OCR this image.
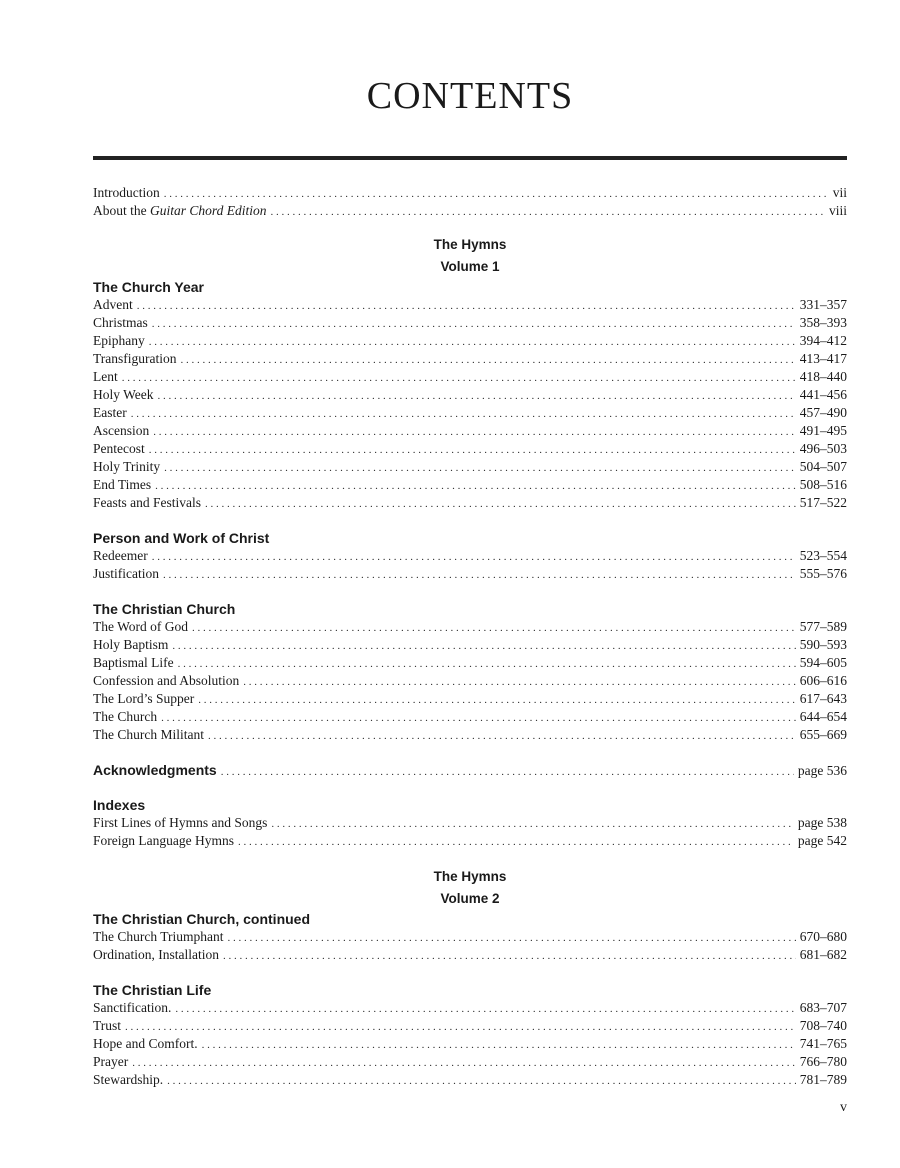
CONTENTS
Introduction . . .	vii
About the Guitar Chord Edition . . .	viii
The Hymns
Volume 1
The Church Year
Advent . . .	331–357
Christmas . . .	358–393
Epiphany . . .	394–412
Transfiguration . . .	413–417
Lent . . .	418–440
Holy Week . . .	441–456
Easter . . .	457–490
Ascension . . .	491–495
Pentecost . . .	496–503
Holy Trinity . . .	504–507
End Times . . .	508–516
Feasts and Festivals . . .	517–522
Person and Work of Christ
Redeemer . . .	523–554
Justification . . .	555–576
The Christian Church
The Word of God . . .	577–589
Holy Baptism . . .	590–593
Baptismal Life . . .	594–605
Confession and Absolution . . .	606–616
The Lord’s Supper . . .	617–643
The Church . . .	644–654
The Church Militant . . .	655–669
Acknowledgments . . .	page 536
Indexes
First Lines of Hymns and Songs . . .	page 538
Foreign Language Hymns . . .	page 542
The Hymns
Volume 2
The Christian Church, continued
The Church Triumphant . . .	670–680
Ordination, Installation . . .	681–682
The Christian Life
Sanctification. . . .	683–707
Trust . . .	708–740
Hope and Comfort. . . .	741–765
Prayer . . .	766–780
Stewardship. . . .	781–789
v
